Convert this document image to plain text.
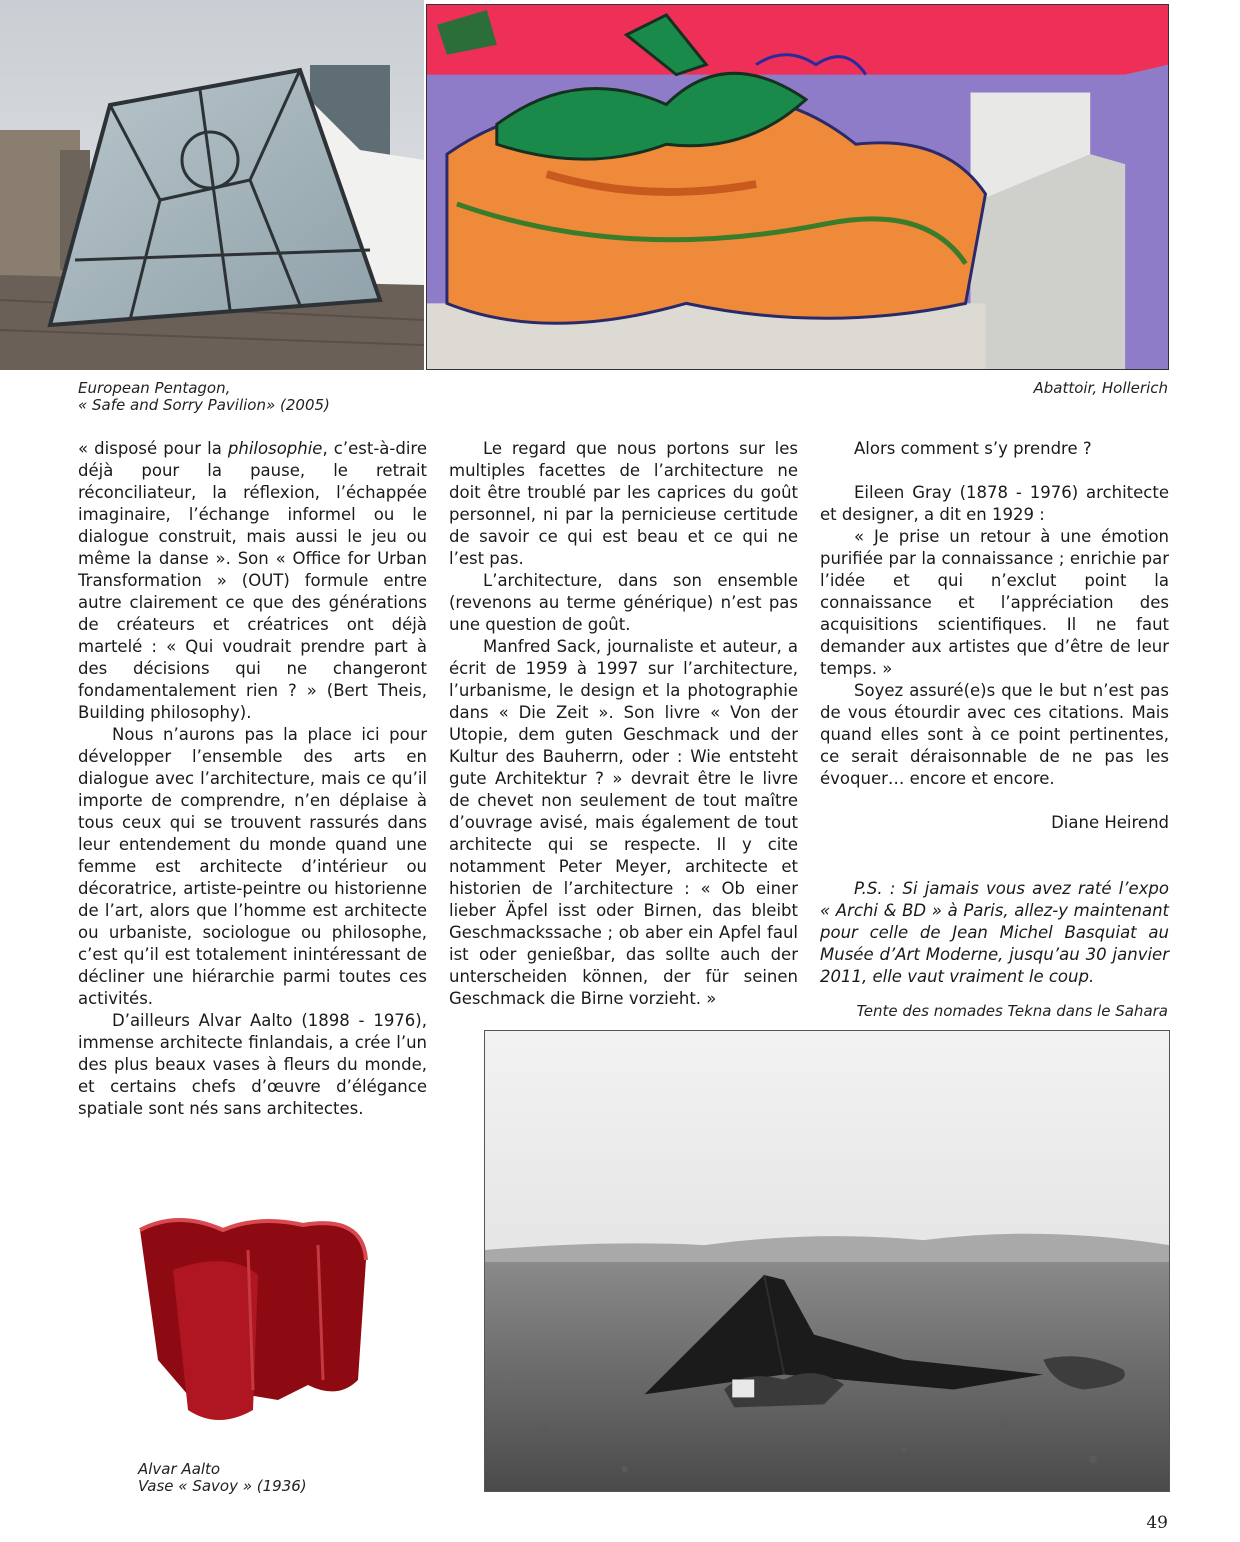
European Pentagon,
« Safe and Sorry Pavilion» (2005)
Abattoir, Hollerich

« disposé pour la philosophie, c’est-à-dire déjà pour la pause, le retrait réconciliateur, la réflexion, l’échappée imaginaire, l’échange informel ou le dialogue construit, mais aussi le jeu ou même la danse ». Son « Office for Urban Transformation » (OUT) formule entre autre clairement ce que des générations de créateurs et créatrices ont déjà martelé : « Qui voudrait prendre part à des décisions qui ne changeront fondamentalement rien ? » (Bert Theis, Building philosophy).

Nous n’aurons pas la place ici pour développer l’ensemble des arts en dialogue avec l’architecture, mais ce qu’il importe de comprendre, n’en déplaise à tous ceux qui se trouvent rassurés dans leur entendement du monde quand une femme est architecte d’intérieur ou décoratrice, artiste-peintre ou historienne de l’art, alors que l’homme est architecte ou urbaniste, sociologue ou philosophe, c’est qu’il est totalement inintéressant de décliner une hiérarchie parmi toutes ces activités.

D’ailleurs Alvar Aalto (1898 - 1976), immense architecte finlandais, a crée l’un des plus beaux vases à fleurs du monde, et certains chefs d’œuvre d’élégance spatiale sont nés sans architectes.

Le regard que nous portons sur les multiples facettes de l’architecture ne doit être troublé par les caprices du goût personnel, ni par la pernicieuse certitude de savoir ce qui est beau et ce qui ne l’est pas.

L’architecture, dans son ensemble (revenons au terme générique) n’est pas une question de goût.

Manfred Sack, journaliste et auteur, a écrit de 1959 à 1997 sur l’architecture, l’urbanisme, le design et la photographie dans « Die Zeit ». Son livre « Von der Utopie, dem guten Geschmack und der Kultur des Bauherrn, oder : Wie entsteht gute Architektur ? » devrait être le livre de chevet non seulement de tout maître d’ouvrage avisé, mais également de tout architecte qui se respecte. Il y cite notamment Peter Meyer, architecte et historien de l’architecture : « Ob einer lieber Äpfel isst oder Birnen, das bleibt Geschmackssache ; ob aber ein Apfel faul ist oder genießbar, das sollte auch der unterscheiden können, der für seinen Geschmack die Birne vorzieht. »

Alors comment s’y prendre ?

Eileen Gray (1878 - 1976) architecte et designer, a dit en 1929 :

« Je prise un retour à une émotion purifiée par la connaissance ; enrichie par l’idée et qui n’exclut point la connaissance et l’appréciation des acquisitions scientifiques. Il ne faut demander aux artistes que d’être de leur temps. »

Soyez assuré(e)s que le but n’est pas de vous étourdir avec ces citations. Mais quand elles sont à ce point pertinentes, ce serait déraisonnable de ne pas les évoquer… encore et encore.

Diane Heirend

P.S. : Si jamais vous avez raté l’expo « Archi & BD » à Paris, allez-y maintenant pour celle de Jean Michel Basquiat au Musée d’Art Moderne, jusqu’au 30 janvier 2011, elle vaut vraiment le coup.

Tente des nomades Tekna dans le Sahara
Alvar Aalto
Vase « Savoy » (1936)
49
